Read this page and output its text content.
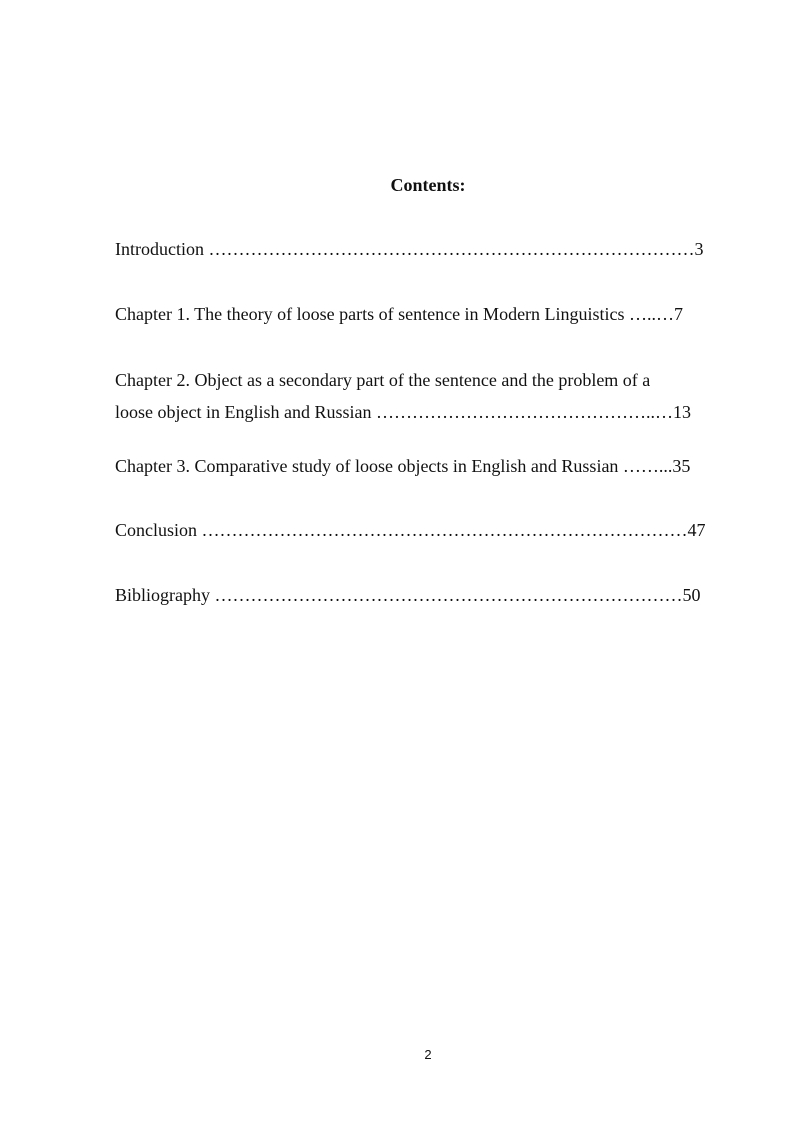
Contents:
Introduction ………………………………………………………………………3
Chapter 1. The theory of loose parts of sentence in Modern Linguistics …..…7
Chapter 2. Object as a secondary part of the sentence and the problem of a
loose object in English and Russian ………………………………………..…13
Chapter 3. Comparative study of loose objects in English and Russian ……...35
Conclusion ………………………………………………………………………47
Bibliography ……………………………………………………………………50
2
